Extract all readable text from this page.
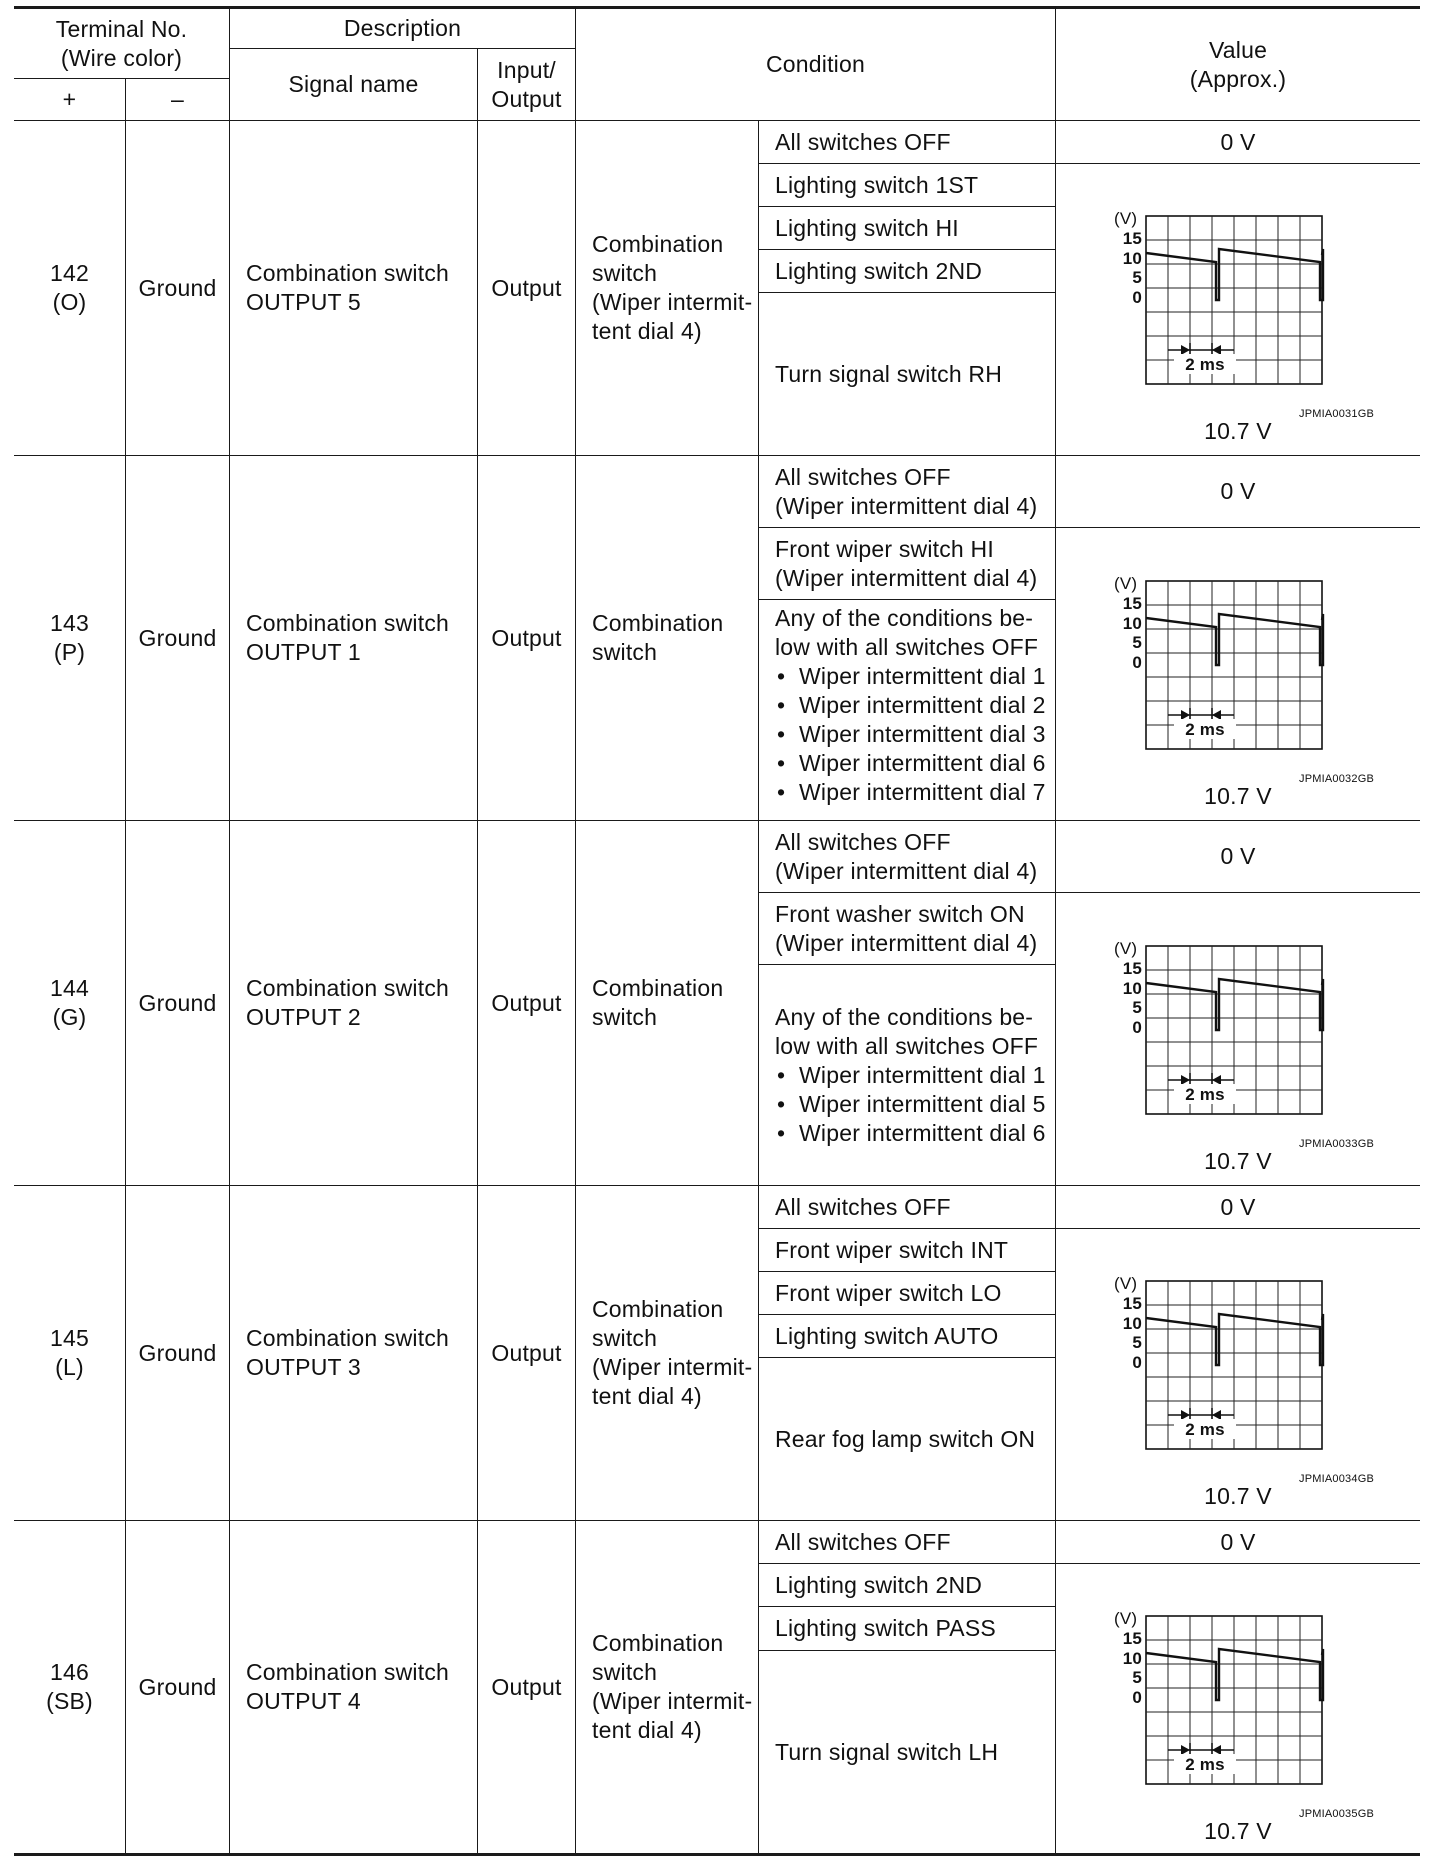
Terminal No.
(Wire color)
+	–
Description
Signal name
Input/
Output
Condition
Value
(Approx.)
142
(O)
Ground
Combination switch
OUTPUT 5
Output
Combination
switch
(Wiper intermit-
tent dial 4)
All switches OFF
Lighting switch 1ST
Lighting switch HI
Lighting switch 2ND
Turn signal switch RH
0 V
(V)
15
10
5
0
2 ms
JPMIA0031GB
10.7 V
143
(P)
Ground
Combination switch
OUTPUT 1
Output
Combination
switch
All switches OFF
(Wiper intermittent dial 4)
Front wiper switch HI
(Wiper intermittent dial 4)
Any of the conditions be-
low with all switches OFF
• Wiper intermittent dial 1
• Wiper intermittent dial 2
• Wiper intermittent dial 3
• Wiper intermittent dial 6
• Wiper intermittent dial 7
0 V
(V)
15
10
5
0
2 ms
JPMIA0032GB
10.7 V
144
(G)
Ground
Combination switch
OUTPUT 2
Output
Combination
switch
All switches OFF
(Wiper intermittent dial 4)
Front washer switch ON
(Wiper intermittent dial 4)
Any of the conditions be-
low with all switches OFF
• Wiper intermittent dial 1
• Wiper intermittent dial 5
• Wiper intermittent dial 6
0 V
(V)
15
10
5
0
2 ms
JPMIA0033GB
10.7 V
145
(L)
Ground
Combination switch
OUTPUT 3
Output
Combination
switch
(Wiper intermit-
tent dial 4)
All switches OFF
Front wiper switch INT
Front wiper switch LO
Lighting switch AUTO
Rear fog lamp switch ON
0 V
(V)
15
10
5
0
2 ms
JPMIA0034GB
10.7 V
146
(SB)
Ground
Combination switch
OUTPUT 4
Output
Combination
switch
(Wiper intermit-
tent dial 4)
All switches OFF
Lighting switch 2ND
Lighting switch PASS
Turn signal switch LH
0 V
(V)
15
10
5
0
2 ms
JPMIA0035GB
10.7 V
